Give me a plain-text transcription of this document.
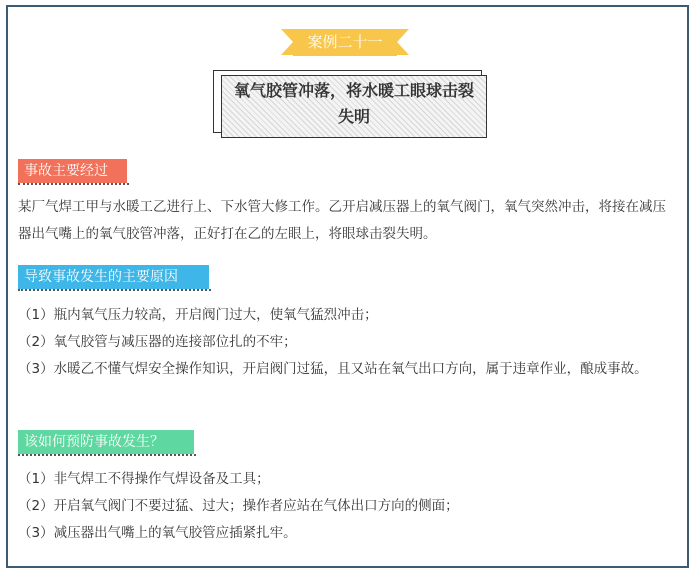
案例二十一
氧气胶管冲落，将水暖工眼球击裂失明
事故主要经过
某厂气焊工甲与水暖工乙进行上、下水管大修工作。乙开启减压器上的氧气阀门，氧气突然冲击，将接在减压器出气嘴上的氧气胶管冲落，正好打在乙的左眼上，将眼球击裂失明。
导致事故发生的主要原因
（1）瓶内氧气压力较高，开启阀门过大，使氧气猛烈冲击；
（2）氧气胶管与减压器的连接部位扎的不牢；
（3）水暖乙不懂气焊安全操作知识，开启阀门过猛，且又站在氧气出口方向，属于违章作业，酿成事故。
该如何预防事故发生？
（1）非气焊工不得操作气焊设备及工具；
（2）开启氧气阀门不要过猛、过大；操作者应站在气体出口方向的侧面；
（3）减压器出气嘴上的氧气胶管应插紧扎牢。
